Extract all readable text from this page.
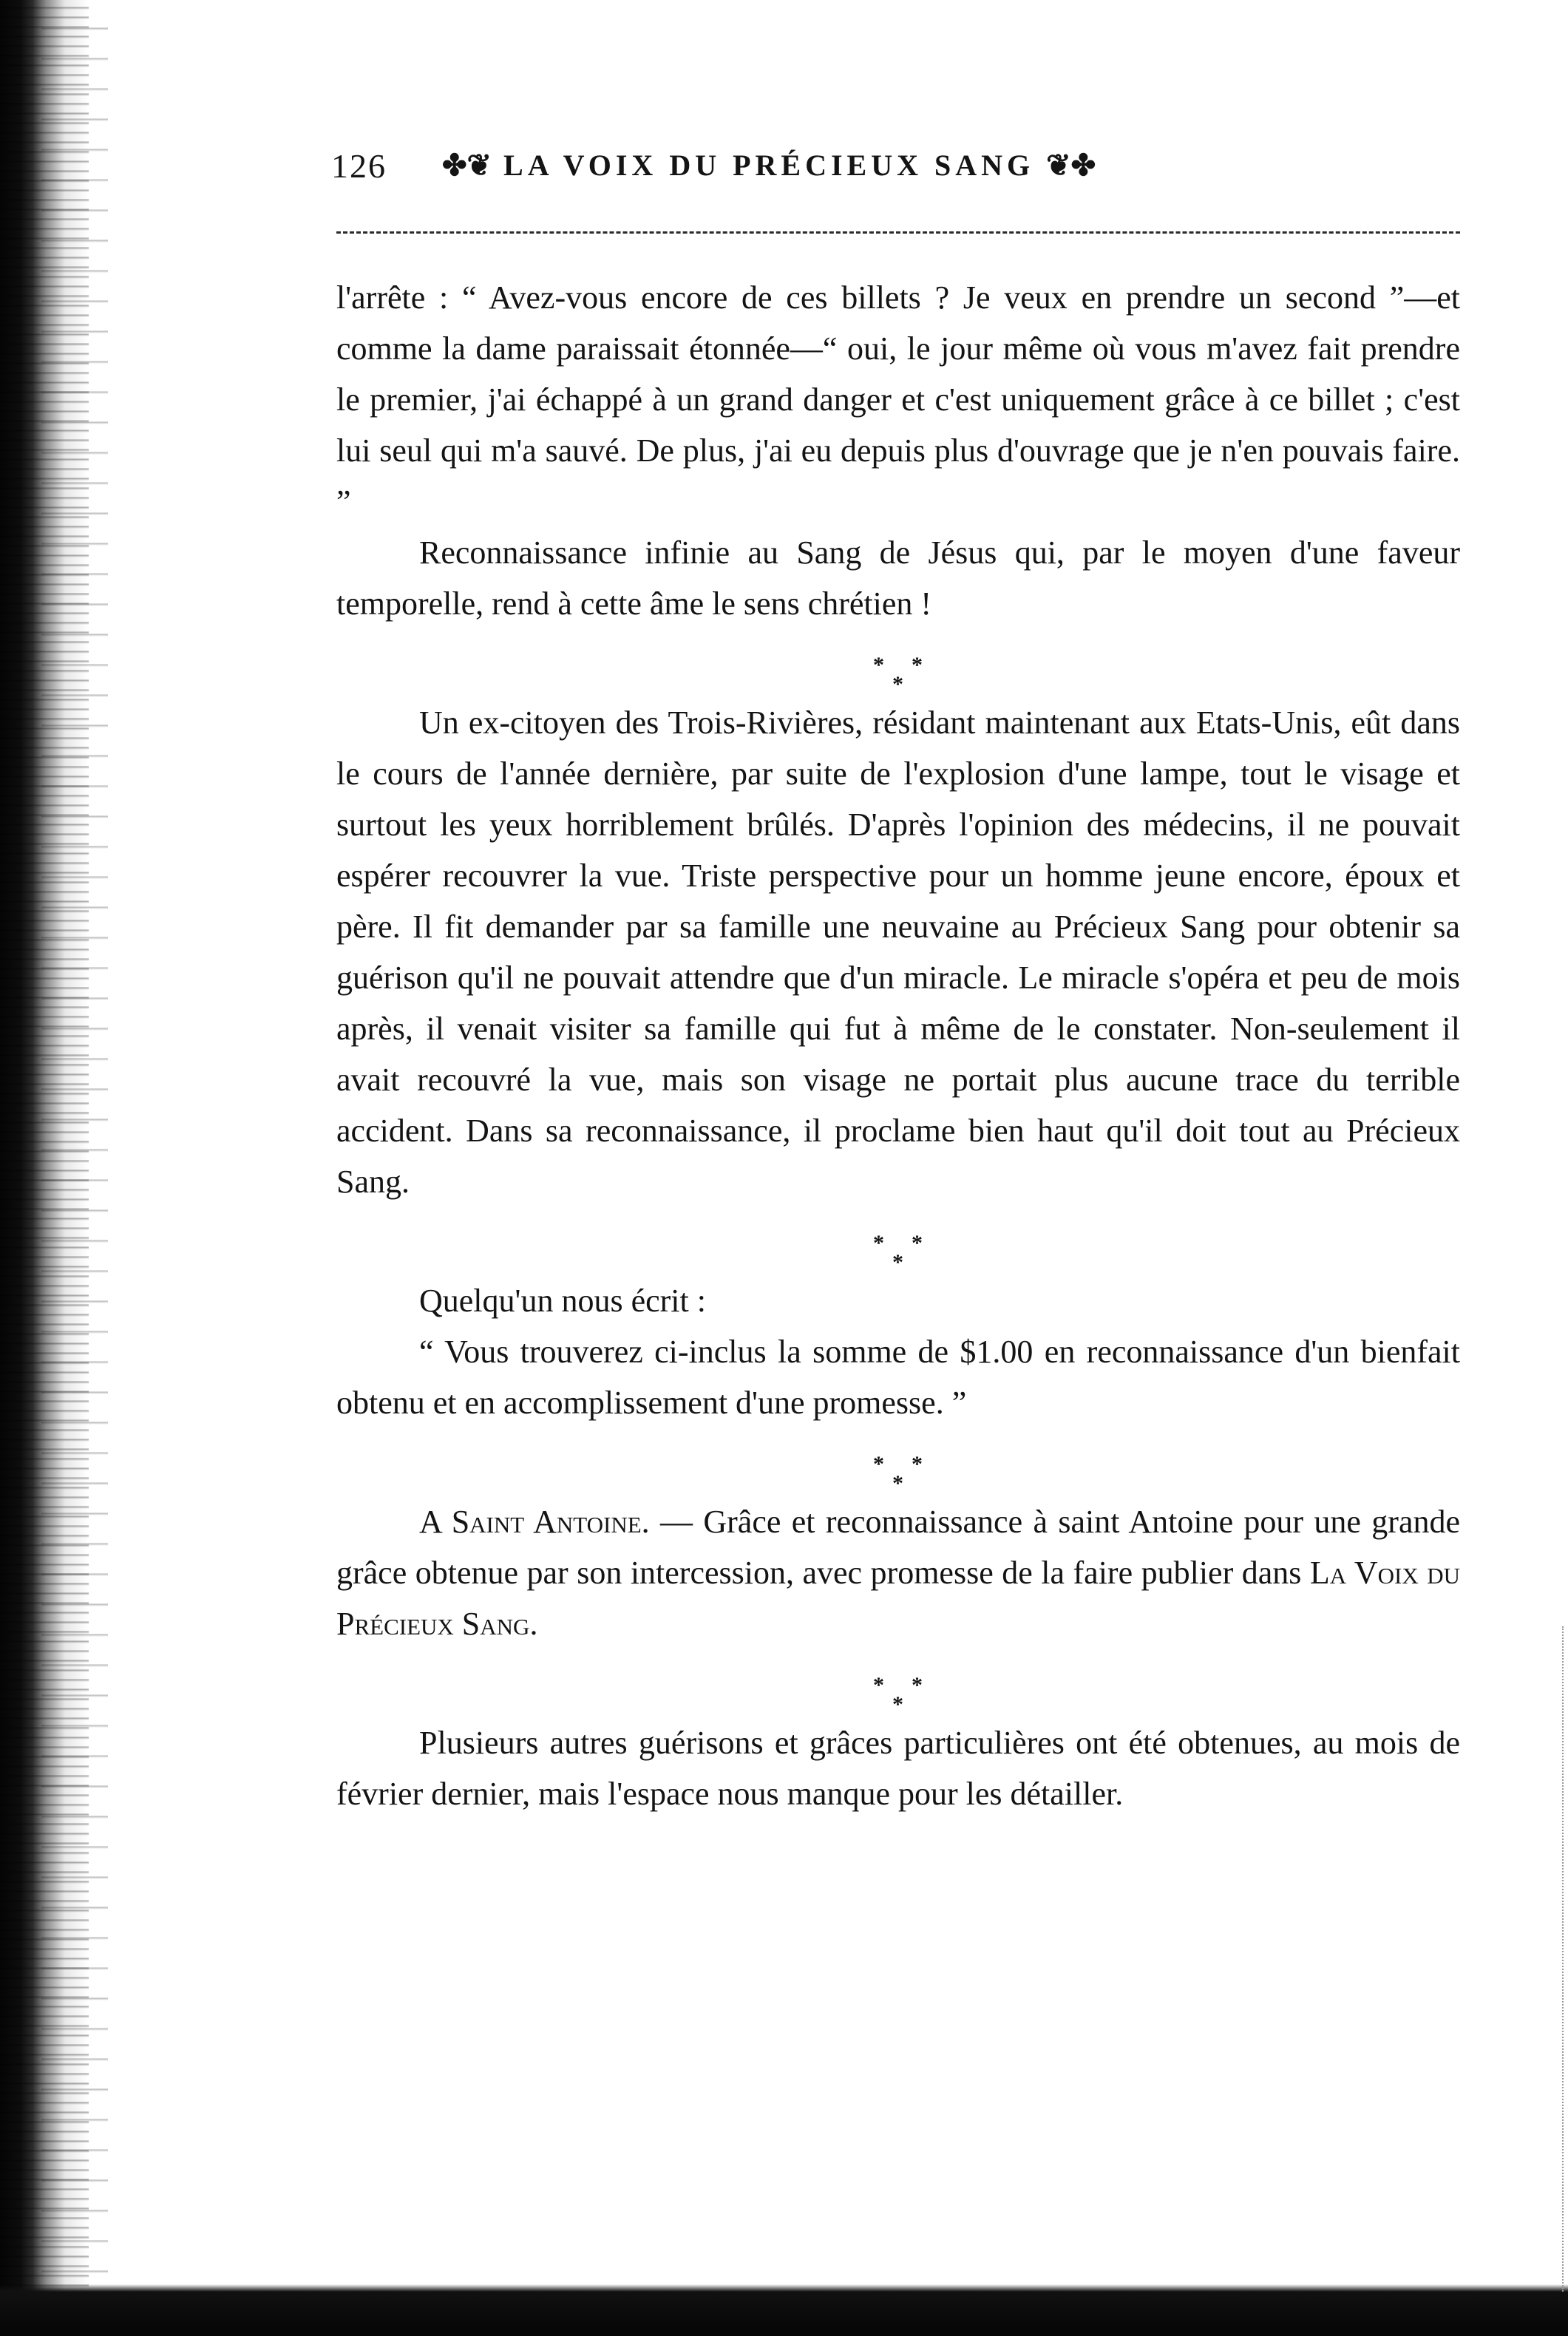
126 ✤❦ LA VOIX DU PRÉCIEUX SANG ❦✤

l'arrête : “ Avez-vous encore de ces billets ? Je veux en prendre un second ”—et comme la dame paraissait étonnée—“ oui, le jour même où vous m'avez fait prendre le premier, j'ai échappé à un grand danger et c'est uniquement grâce à ce billet ; c'est lui seul qui m'a sauvé. De plus, j'ai eu depuis plus d'ouvrage que je n'en pouvais faire. ”

Reconnaissance infinie au Sang de Jésus qui, par le moyen d'une faveur temporelle, rend à cette âme le sens chrétien !

* *
*

Un ex-citoyen des Trois-Rivières, résidant maintenant aux Etats-Unis, eût dans le cours de l'année dernière, par suite de l'explosion d'une lampe, tout le visage et surtout les yeux horriblement brûlés. D'après l'opinion des médecins, il ne pouvait espérer recouvrer la vue. Triste perspective pour un homme jeune encore, époux et père. Il fit demander par sa famille une neuvaine au Précieux Sang pour obtenir sa guérison qu'il ne pouvait attendre que d'un miracle. Le miracle s'opéra et peu de mois après, il venait visiter sa famille qui fut à même de le constater. Non-seulement il avait recouvré la vue, mais son visage ne portait plus aucune trace du terrible accident. Dans sa reconnaissance, il proclame bien haut qu'il doit tout au Précieux Sang.

* *
*

Quelqu'un nous écrit :

“ Vous trouverez ci-inclus la somme de $1.00 en reconnaissance d'un bienfait obtenu et en accomplissement d'une promesse. ”

* *
*

A Saint Antoine. — Grâce et reconnaissance à saint Antoine pour une grande grâce obtenue par son intercession, avec promesse de la faire publier dans La Voix du Précieux Sang.

* *
*

Plusieurs autres guérisons et grâces particulières ont été obtenues, au mois de février dernier, mais l'espace nous manque pour les détailler.
